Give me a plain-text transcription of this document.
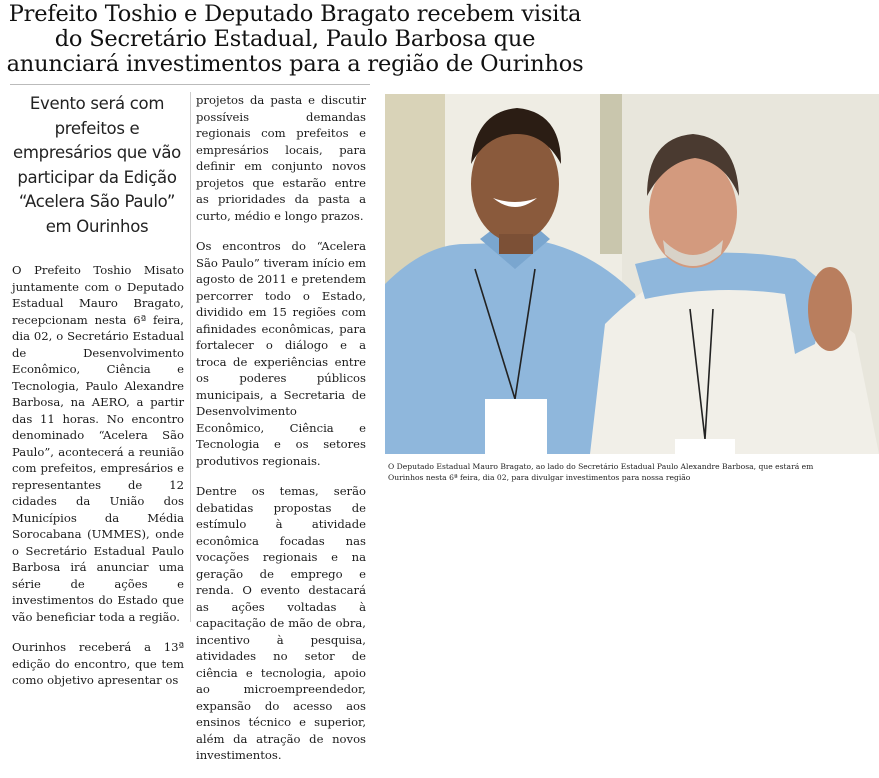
Prefeito Toshio e Deputado Bragato recebem visita do Secretário Estadual, Paulo Barbosa que anunciará investimentos para a região de Ourinhos
Evento será com prefeitos e empresários que vão participar da Edição “Acelera São Paulo” em Ourinhos

O Prefeito Toshio Misato juntamente com o Deputado Estadual Mauro Bragato, recepcionam nesta 6ª feira, dia 02, o Secretário Estadual de Desenvolvimento Econômico, Ciência e Tecnologia, Paulo Alexandre Barbosa, na AERO, a partir das 11 horas. No encontro denominado “Acelera São Paulo”, acontecerá a reunião com prefeitos, empresários e representantes de 12 cidades da União dos Municípios da Média Sorocabana (UMMES), onde o Secretário Estadual Paulo Barbosa irá anunciar uma série de ações e investimentos do Estado que vão beneficiar toda a região.

Ourinhos receberá a 13ª edição do encontro, que tem como objetivo apresentar os

projetos da pasta e discutir possíveis demandas regionais com prefeitos e empresários locais, para definir em conjunto novos projetos que estarão entre as prioridades da pasta a curto, médio e longo prazos.

Os encontros do “Acelera São Paulo” tiveram início em agosto de 2011 e pretendem percorrer todo o Estado, dividido em 15 regiões com afinidades econômicas, para fortalecer o diálogo e a troca de experiências entre os poderes públicos municipais, a Secretaria de Desenvolvimento Econômico, Ciência e Tecnologia e os setores produtivos regionais.

Dentre os temas, serão debatidas propostas de estímulo à atividade econômica focadas nas vocações regionais e na geração de emprego e renda. O evento destacará as ações voltadas à capacitação de mão de obra, incentivo à pesquisa, atividades no setor de ciência e tecnologia, apoio ao microempreendedor, expansão do acesso aos ensinos técnico e superior, além da atração de novos investimentos.

O Deputado Estadual Mauro Bragato, ao lado do Secretário Estadual Paulo Alexandre Barbosa, que estará em Ourinhos nesta 6ª feira, dia 02, para divulgar investimentos para nossa região
